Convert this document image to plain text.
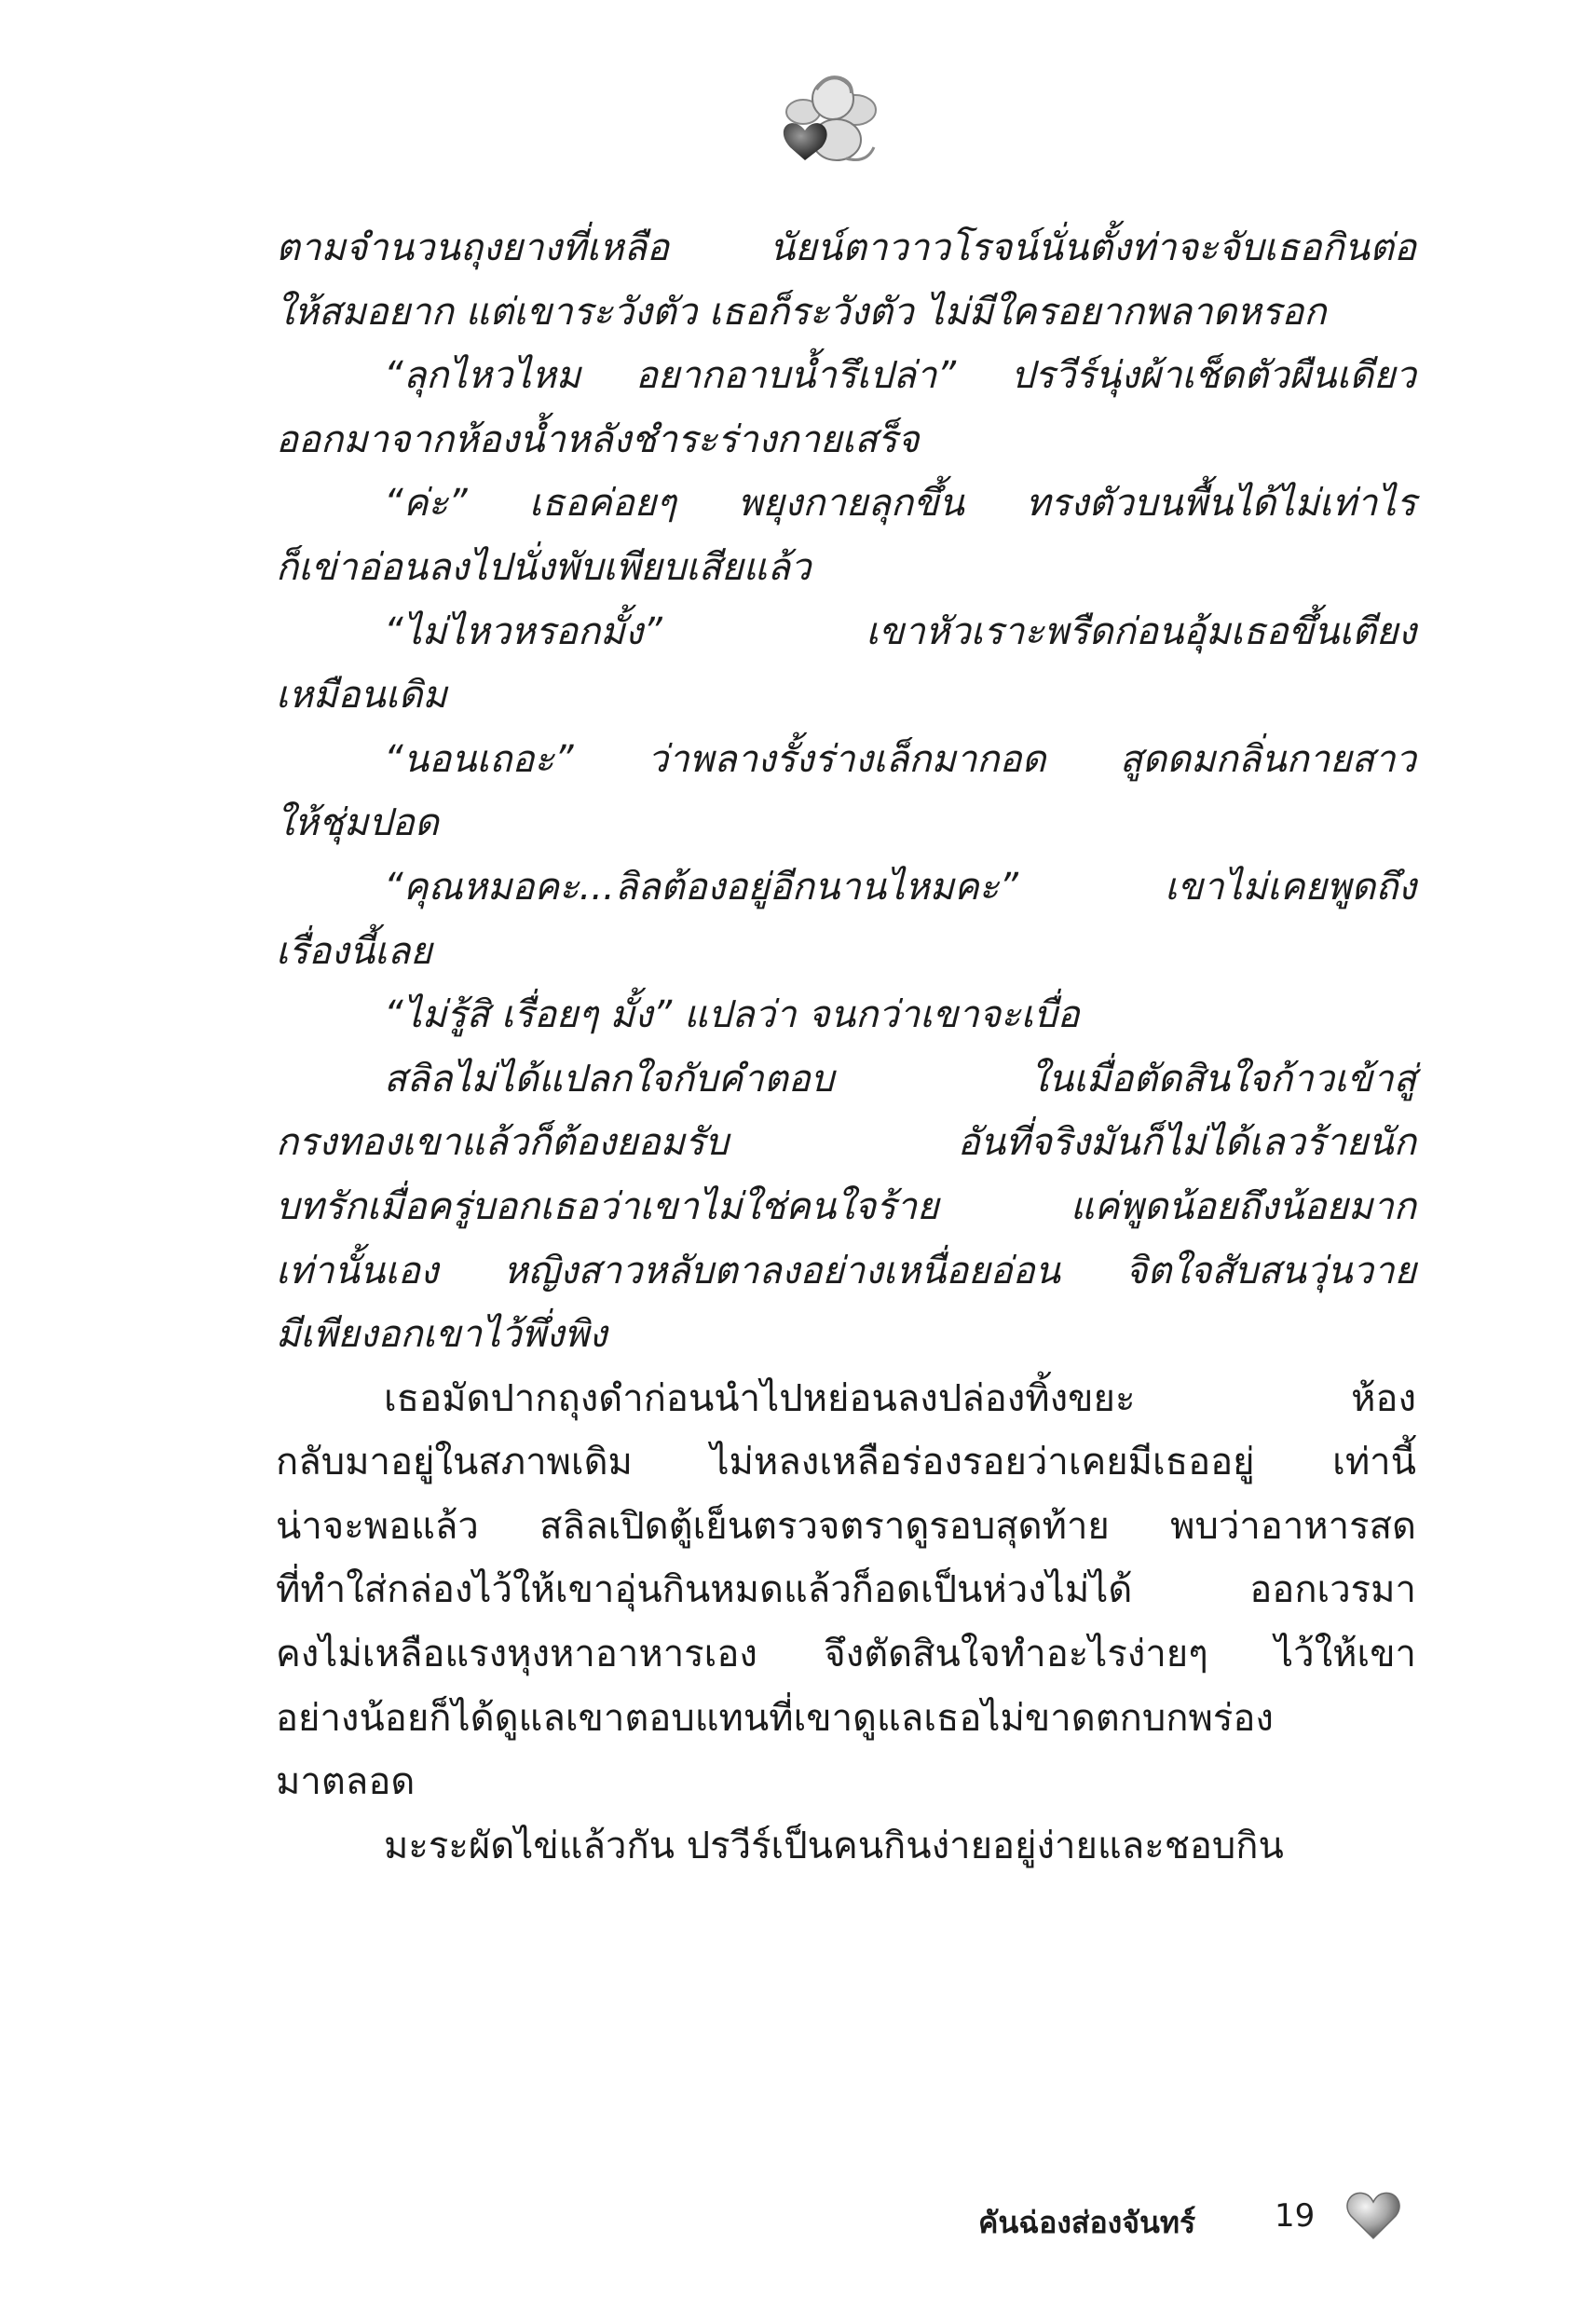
ตามจำนวนถุงยางที่เหลือ นัยน์ตาวาวโรจน์นั่นตั้งท่าจะจับเธอกินต่อ
ให้สมอยาก แต่เขาระวังตัว เธอก็ระวังตัว ไม่มีใครอยากพลาดหรอก
“ลุกไหวไหม อยากอาบน้ำรึเปล่า” ปรวีร์นุ่งผ้าเช็ดตัวผืนเดียว
ออกมาจากห้องน้ำหลังชำระร่างกายเสร็จ
“ค่ะ” เธอค่อยๆ พยุงกายลุกขึ้น ทรงตัวบนพื้นได้ไม่เท่าไร
ก็เข่าอ่อนลงไปนั่งพับเพียบเสียแล้ว
“ไม่ไหวหรอกมั้ง” เขาหัวเราะพรืดก่อนอุ้มเธอขึ้นเตียง
เหมือนเดิม
“นอนเถอะ” ว่าพลางรั้งร่างเล็กมากอด สูดดมกลิ่นกายสาว
ให้ชุ่มปอด
“คุณหมอคะ...ลิลต้องอยู่อีกนานไหมคะ” เขาไม่เคยพูดถึง
เรื่องนี้เลย
“ไม่รู้สิ เรื่อยๆ มั้ง” แปลว่า จนกว่าเขาจะเบื่อ
สลิลไม่ได้แปลกใจกับคำตอบ ในเมื่อตัดสินใจก้าวเข้าสู่
กรงทองเขาแล้วก็ต้องยอมรับ อันที่จริงมันก็ไม่ได้เลวร้ายนัก
บทรักเมื่อครู่บอกเธอว่าเขาไม่ใช่คนใจร้าย แค่พูดน้อยถึงน้อยมาก
เท่านั้นเอง หญิงสาวหลับตาลงอย่างเหนื่อยอ่อน จิตใจสับสนวุ่นวาย
มีเพียงอกเขาไว้พึ่งพิง
เธอมัดปากถุงดำก่อนนำไปหย่อนลงปล่องทิ้งขยะ ห้อง
กลับมาอยู่ในสภาพเดิม ไม่หลงเหลือร่องรอยว่าเคยมีเธออยู่ เท่านี้
น่าจะพอแล้ว สลิลเปิดตู้เย็นตรวจตราดูรอบสุดท้าย พบว่าอาหารสด
ที่ทำใส่กล่องไว้ให้เขาอุ่นกินหมดแล้วก็อดเป็นห่วงไม่ได้ ออกเวรมา
คงไม่เหลือแรงหุงหาอาหารเอง จึงตัดสินใจทำอะไรง่ายๆ ไว้ให้เขา
อย่างน้อยก็ได้ดูแลเขาตอบแทนที่เขาดูแลเธอไม่ขาดตกบกพร่อง
มาตลอด
มะระผัดไข่แล้วกัน ปรวีร์เป็นคนกินง่ายอยู่ง่ายและชอบกิน
คันฉ่องส่องจันทร์ 19
